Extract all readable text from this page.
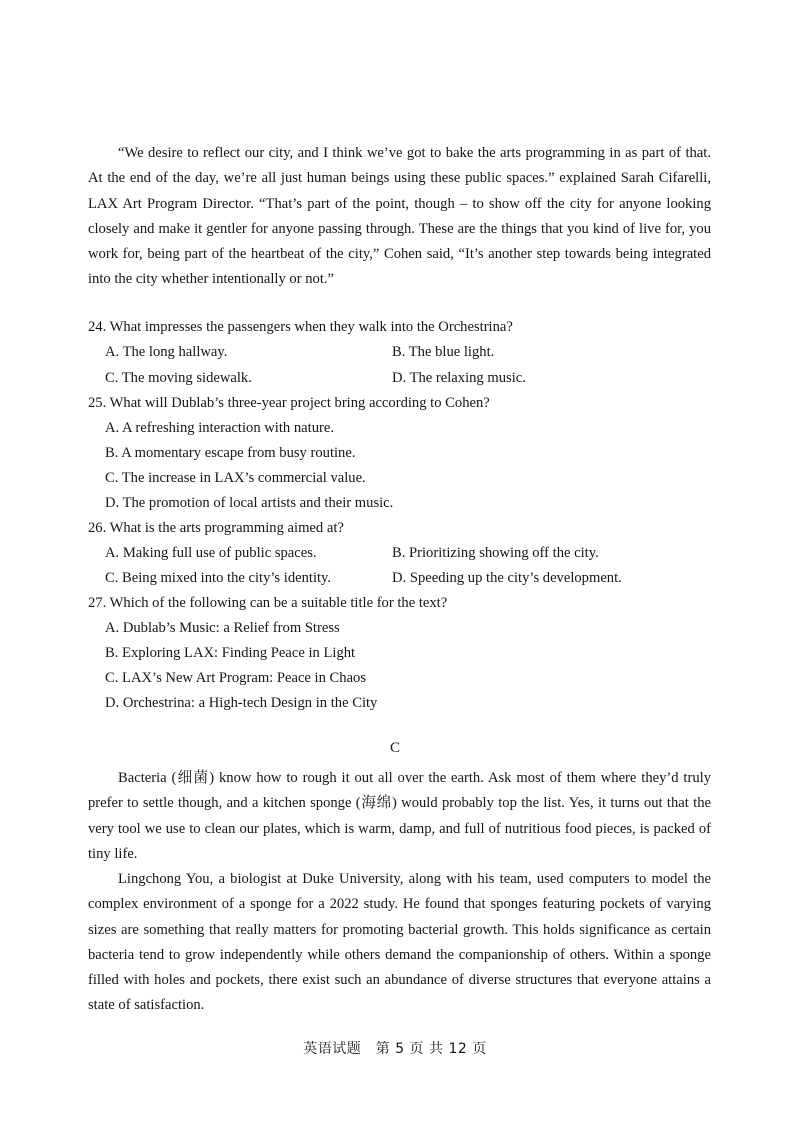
“We desire to reflect our city, and I think we’ve got to bake the arts programming in as part of that. At the end of the day, we’re all just human beings using these public spaces.” explained Sarah Cifarelli, LAX Art Program Director. “That’s part of the point, though – to show off the city for anyone looking closely and make it gentler for anyone passing through. These are the things that you kind of live for, you work for, being part of the heartbeat of the city,” Cohen said, “It’s another step towards being integrated into the city whether intentionally or not.”

24. What impresses the passengers when they walk into the Orchestrina?
A. The long hallway.	B. The blue light.
C. The moving sidewalk.	D. The relaxing music.
25. What will Dublab’s three-year project bring according to Cohen?
A. A refreshing interaction with nature.
B. A momentary escape from busy routine.
C. The increase in LAX’s commercial value.
D. The promotion of local artists and their music.
26. What is the arts programming aimed at?
A. Making full use of public spaces.	B. Prioritizing showing off the city.
C. Being mixed into the city’s identity.	D. Speeding up the city’s development.
27. Which of the following can be a suitable title for the text?
A. Dublab’s Music: a Relief from Stress
B. Exploring LAX: Finding Peace in Light
C. LAX’s New Art Program: Peace in Chaos
D. Orchestrina: a High-tech Design in the City
C

Bacteria (细菌) know how to rough it out all over the earth. Ask most of them where they’d truly prefer to settle though, and a kitchen sponge (海绵) would probably top the list. Yes, it turns out that the very tool we use to clean our plates, which is warm, damp, and full of nutritious food pieces, is packed of tiny life.

Lingchong You, a biologist at Duke University, along with his team, used computers to model the complex environment of a sponge for a 2022 study. He found that sponges featuring pockets of varying sizes are something that really matters for promoting bacterial growth. This holds significance as certain bacteria tend to grow independently while others demand the companionship of others. Within a sponge filled with holes and pockets, there exist such an abundance of diverse structures that everyone attains a state of satisfaction.

英语试题　第 5 页 共 12 页
